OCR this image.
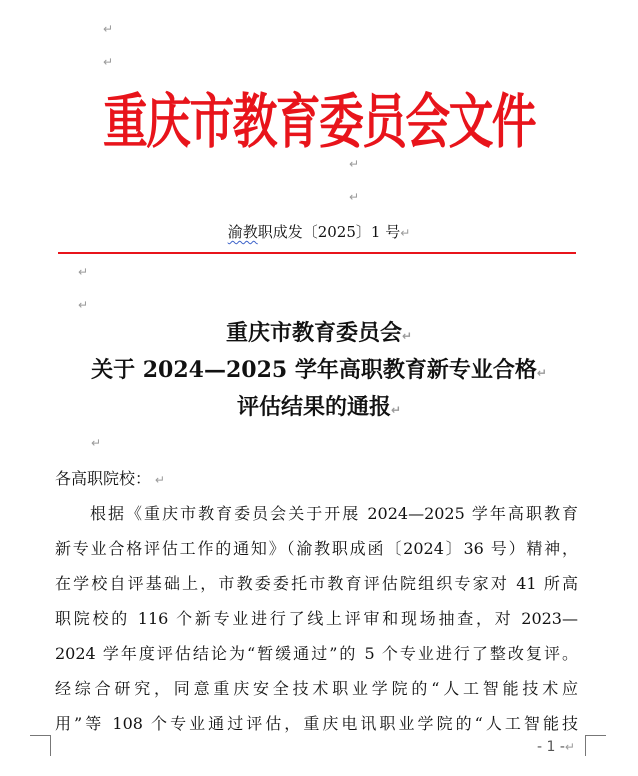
↵
↵
↵
↵
↵
↵
↵
重庆市教育委员会文件
渝教职成发〔2025〕1 号↵
重庆市教育委员会↵
关于 2024—2025 学年高职教育新专业合格↵
评估结果的通报↵
各高职院校： ↵
根据《重庆市教育委员会关于开展 2024—2025 学年高职教育
新专业合格评估工作的通知》（渝教职成函〔2024〕36 号）精神，
在学校自评基础上，市教委委托市教育评估院组织专家对 41 所高
职院校的 116 个新专业进行了线上评审和现场抽查，对 2023—
2024 学年度评估结论为“暂缓通过”的 5 个专业进行了整改复评。
经综合研究，同意重庆安全技术职业学院的“人工智能技术应
用”等 108 个专业通过评估，重庆电讯职业学院的“人工智能技
- 1 -↵
